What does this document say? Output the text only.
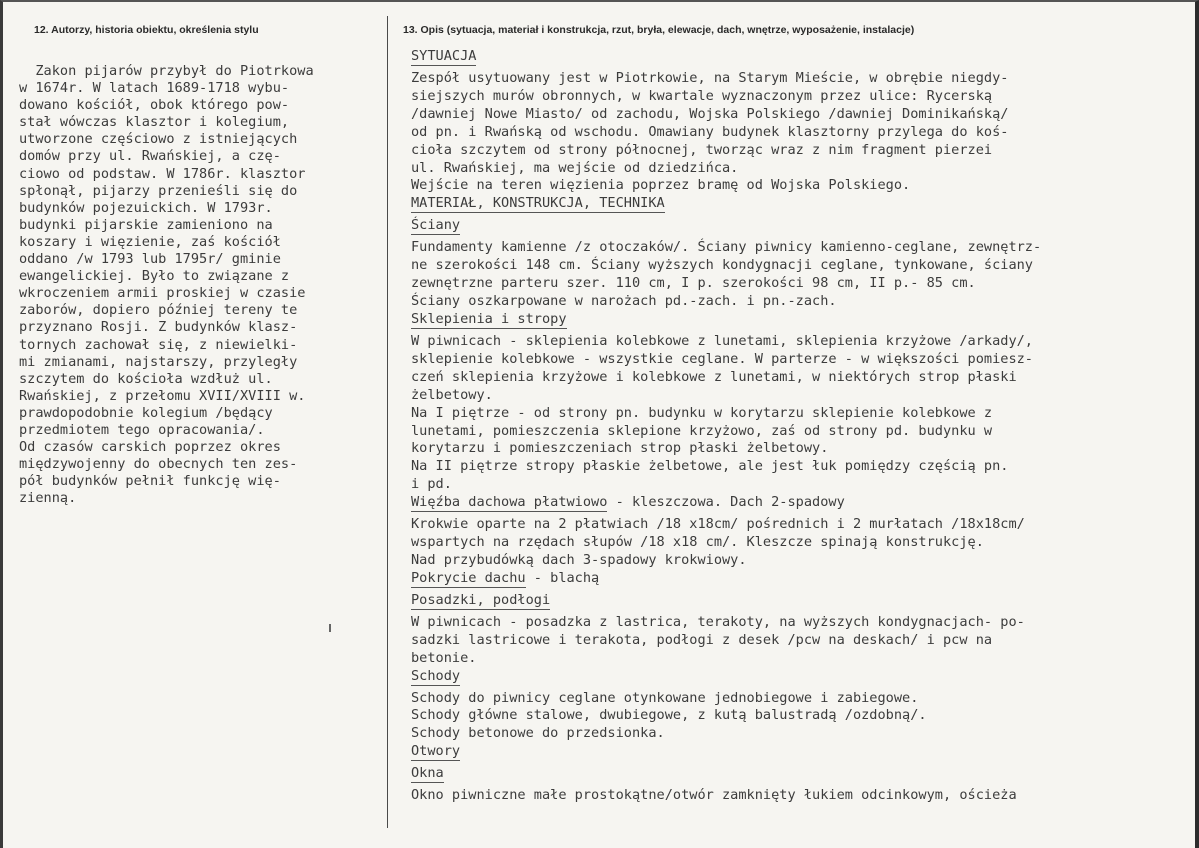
12. Autorzy, historia obiektu, określenia stylu	13. Opis (sytuacja, materiał i konstrukcja, rzut, bryła, elewacje, dach, wnętrze, wyposażenie, instalacje)
Zakon pijarów przybył do Piotrkowa
w 1674r. W latach 1689-1718 wybu-
dowano kościół, obok którego pow-
stał wówczas klasztor i kolegium,
utworzone częściowo z istniejących
domów przy ul. Rwańskiej, a czę-
ciowo od podstaw. W 1786r. klasztor
spłonął, pijarzy przenieśli się do
budynków pojezuickich. W 1793r.
budynki pijarskie zamieniono na
koszary i więzienie, zaś kościół
oddano /w 1793 lub 1795r/ gminie
ewangelickiej. Było to związane z
wkroczeniem armii proskiej w czasie
zaborów, dopiero później tereny te
przyznano Rosji. Z budynków klasz-
tornych zachował się, z niewielki-
mi zmianami, najstarszy, przyległy
szczytem do kościoła wzdłuż ul.
Rwańskiej, z przełomu XVII/XVIII w.
prawdopodobnie kolegium /będący
przedmiotem tego opracowania/.
Od czasów carskich poprzez okres
międzywojenny do obecnych ten zes-
pół budynków pełnił funkcję wię-
zienną.
SYTUACJA
Zespół usytuowany jest w Piotrkowie, na Starym Mieście, w obrębie niegdy-
siejszych murów obronnych, w kwartale wyznaczonym przez ulice: Rycerską
/dawniej Nowe Miasto/ od zachodu, Wojska Polskiego /dawniej Dominikańską/
od pn. i Rwańską od wschodu. Omawiany budynek klasztorny przylega do koś-
cioła szczytem od strony północnej, tworząc wraz z nim fragment pierzei
ul. Rwańskiej, ma wejście od dziedzińca.
Wejście na teren więzienia poprzez bramę od Wojska Polskiego.
MATERIAŁ, KONSTRUKCJA, TECHNIKA
Ściany
Fundamenty kamienne /z otoczaków/. Ściany piwnicy kamienno-ceglane, zewnętrz-
ne szerokości 148 cm. Ściany wyższych kondygnacji ceglane, tynkowane, ściany
zewnętrzne parteru szer. 110 cm, I p. szerokości 98 cm, II p.- 85 cm.
Ściany oszkarpowane w narożach pd.-zach. i pn.-zach.
Sklepienia i stropy
W piwnicach - sklepienia kolebkowe z lunetami, sklepienia krzyżowe /arkady/,
sklepienie kolebkowe - wszystkie ceglane. W parterze - w większości pomiesz-
czeń sklepienia krzyżowe i kolebkowe z lunetami, w niektórych strop płaski
żelbetowy.
Na I piętrze - od strony pn. budynku w korytarzu sklepienie kolebkowe z
lunetami, pomieszczenia sklepione krzyżowo, zaś od strony pd. budynku w
korytarzu i pomieszczeniach strop płaski żelbetowy.
Na II piętrze stropy płaskie żelbetowe, ale jest łuk pomiędzy częścią pn.
i pd.
Więźba dachowa płatwiowo - kleszczowa. Dach 2-spadowy
Krokwie oparte na 2 płatwiach /18 x18cm/ pośrednich i 2 murłatach /18x18cm/
wspartych na rzędach słupów /18 x18 cm/. Kleszcze spinają konstrukcję.
Nad przybudówką dach 3-spadowy krokwiowy.
Pokrycie dachu - blachą
Posadzki, podłogi
W piwnicach - posadzka z lastrica, terakoty, na wyższych kondygnacjach- po-
sadzki lastricowe i terakota, podłogi z desek /pcw na deskach/ i pcw na
betonie.
Schody
Schody do piwnicy ceglane otynkowane jednobiegowe i zabiegowe.
Schody główne stalowe, dwubiegowe, z kutą balustradą /ozdobną/.
Schody betonowe do przedsionka.
Otwory
Okna
Okno piwniczne małe prostokątne/otwór zamknięty łukiem odcinkowym, ościeża
